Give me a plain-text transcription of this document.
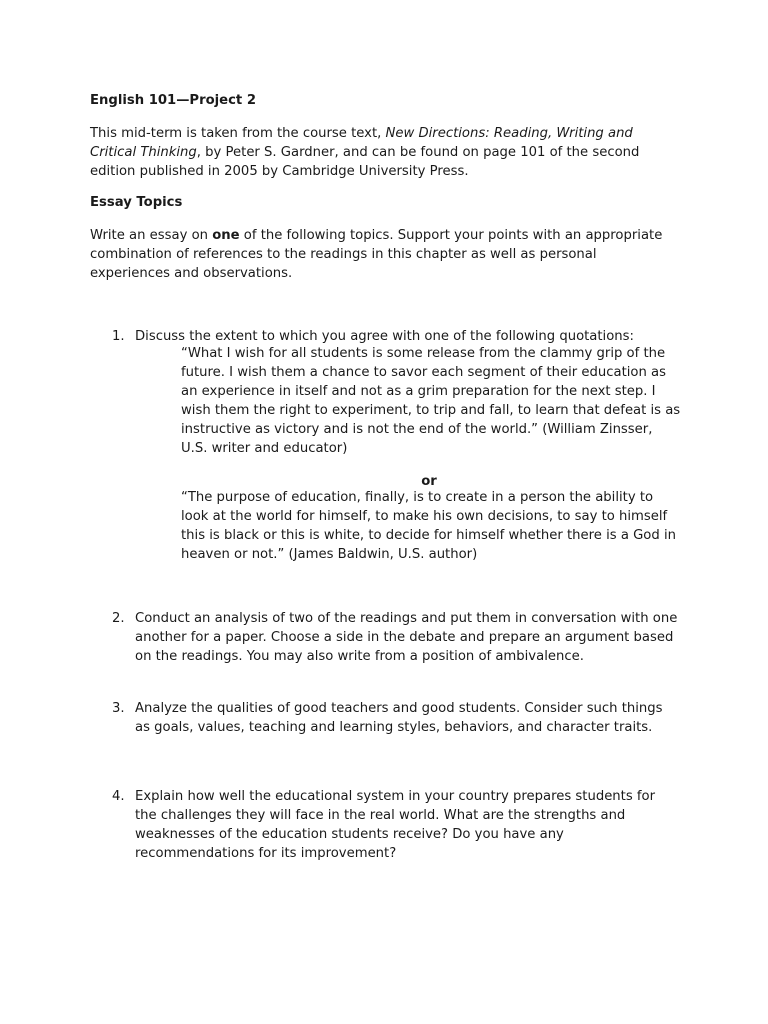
English 101—Project 2

This mid-term is taken from the course text, New Directions: Reading, Writing and Critical Thinking, by Peter S. Gardner, and can be found on page 101 of the second edition published in 2005 by Cambridge University Press.

Essay Topics

Write an essay on one of the following topics. Support your points with an appropriate combination of references to the readings in this chapter as well as personal experiences and observations.

1. Discuss the extent to which you agree with one of the following quotations:

“What I wish for all students is some release from the clammy grip of the future. I wish them a chance to savor each segment of their education as an experience in itself and not as a grim preparation for the next step. I wish them the right to experiment, to trip and fall, to learn that defeat is as instructive as victory and is not the end of the world.” (William Zinsser, U.S. writer and educator)

or

“The purpose of education, finally, is to create in a person the ability to look at the world for himself, to make his own decisions, to say to himself this is black or this is white, to decide for himself whether there is a God in heaven or not.” (James Baldwin, U.S. author)

2. Conduct an analysis of two of the readings and put them in conversation with one another for a paper. Choose a side in the debate and prepare an argument based on the readings. You may also write from a position of ambivalence.

3. Analyze the qualities of good teachers and good students. Consider such things as goals, values, teaching and learning styles, behaviors, and character traits.

4. Explain how well the educational system in your country prepares students for the challenges they will face in the real world. What are the strengths and weaknesses of the education students receive? Do you have any recommendations for its improvement?
